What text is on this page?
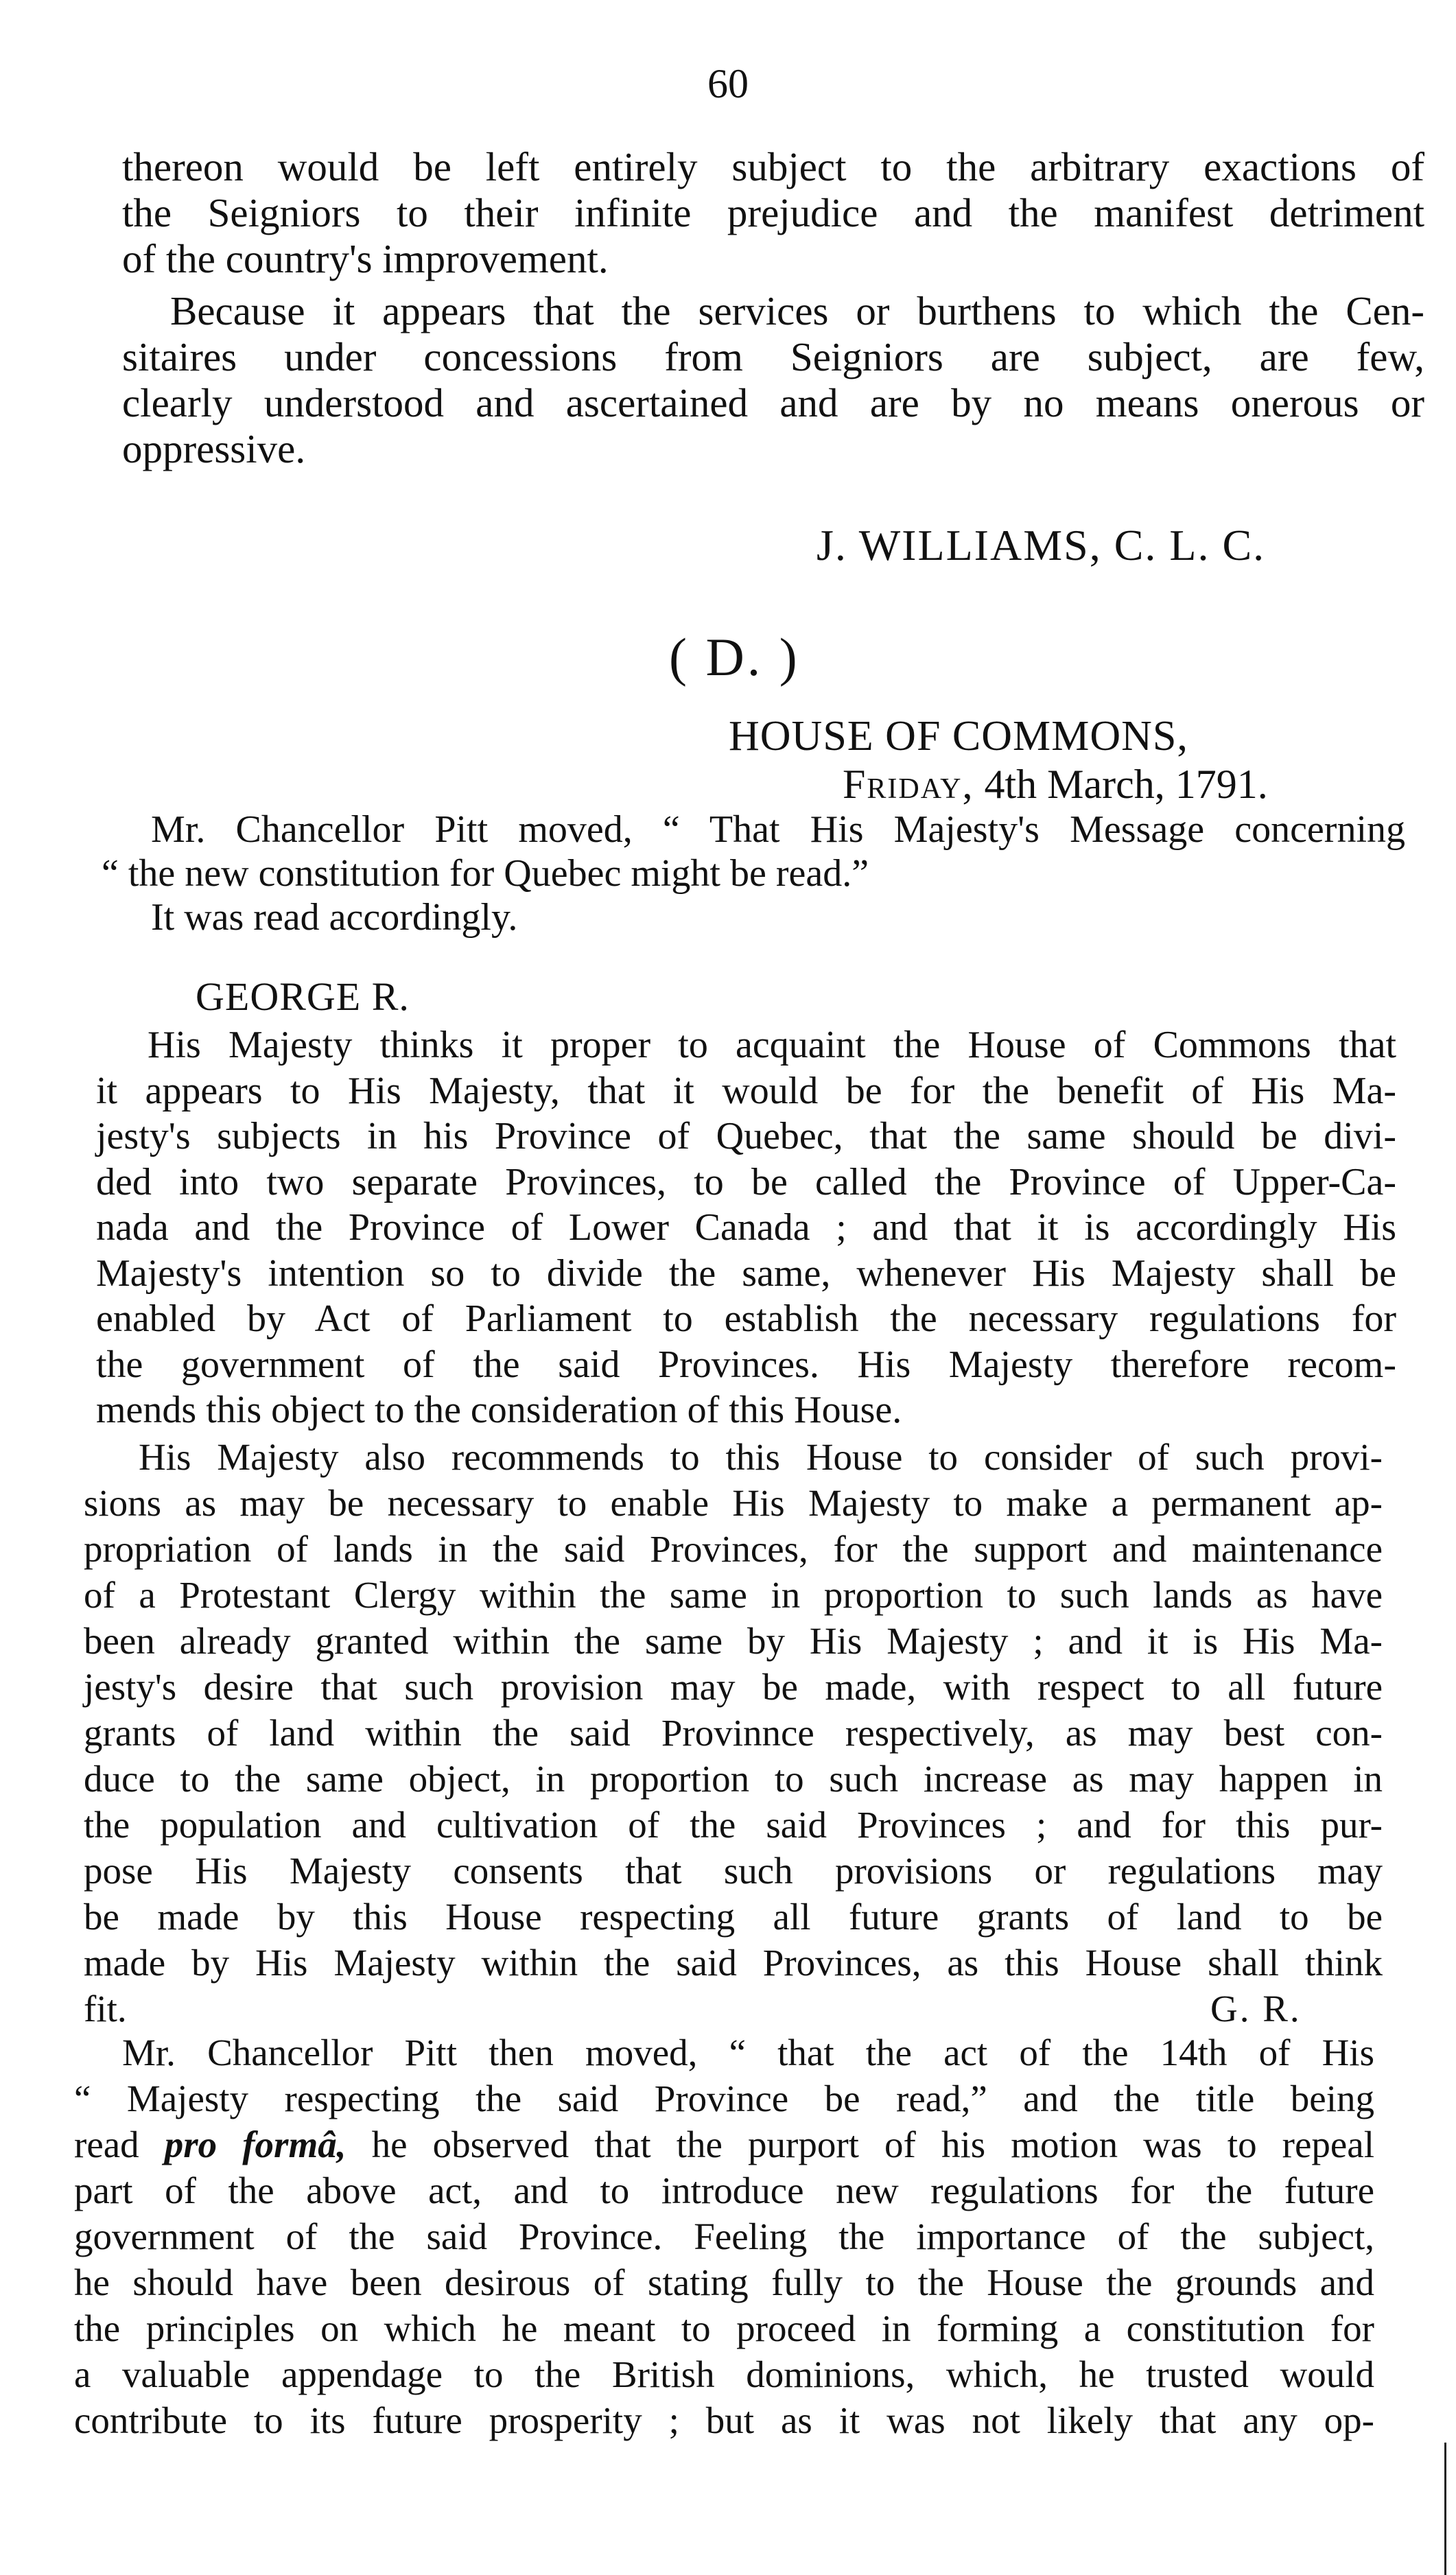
60
thereon would be left entirely subject to the arbitrary exactions of
the Seigniors to their infinite prejudice and the manifest detriment
of the country's improvement.
Because it appears that the services or burthens to which the Cen-
sitaires under concessions from Seigniors are subject, are few,
clearly understood and ascertained and are by no means onerous or
oppressive.
J. WILLIAMS, C. L. C.
( D. )
HOUSE OF COMMONS,
Friday, 4th March, 1791.
Mr. Chancellor Pitt moved, “ That His Majesty's Message concerning
“ the new constitution for Quebec might be read.”
It was read accordingly.
GEORGE R.
His Majesty thinks it proper to acquaint the House of Commons that
it appears to His Majesty, that it would be for the benefit of His Ma-
jesty's subjects in his Province of Quebec, that the same should be divi-
ded into two separate Provinces, to be called the Province of Upper-Ca-
nada and the Province of Lower Canada ; and that it is accordingly His
Majesty's intention so to divide the same, whenever His Majesty shall be
enabled by Act of Parliament to establish the necessary regulations for
the government of the said Provinces. His Majesty therefore recom-
mends this object to the consideration of this House.
His Majesty also recommends to this House to consider of such provi-
sions as may be necessary to enable His Majesty to make a permanent ap-
propriation of lands in the said Provinces, for the support and maintenance
of a Protestant Clergy within the same in proportion to such lands as have
been already granted within the same by His Majesty ; and it is His Ma-
jesty's desire that such provision may be made, with respect to all future
grants of land within the said Provinnce respectively, as may best con-
duce to the same object, in proportion to such increase as may happen in
the population and cultivation of the said Provinces ; and for this pur-
pose His Majesty consents that such provisions or regulations may
be made by this House respecting all future grants of land to be
made by His Majesty within the said Provinces, as this House shall think
fit.	G. R.
Mr. Chancellor Pitt then moved, “ that the act of the 14th of His
“ Majesty respecting the said Province be read,” and the title being
read pro formâ, he observed that the purport of his motion was to repeal
part of the above act, and to introduce new regulations for the future
government of the said Province. Feeling the importance of the subject,
he should have been desirous of stating fully to the House the grounds and
the principles on which he meant to proceed in forming a constitution for
a valuable appendage to the British dominions, which, he trusted would
contribute to its future prosperity ; but as it was not likely that any op-
